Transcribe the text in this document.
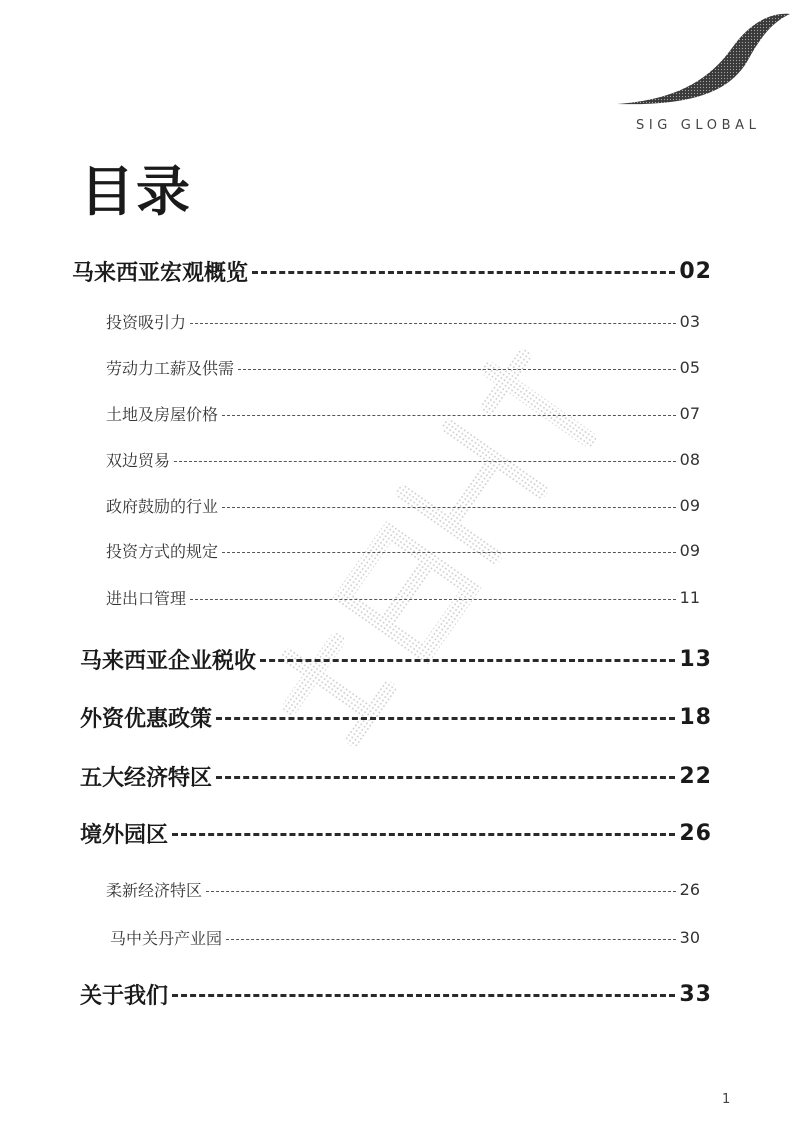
SIG GLOBAL
目录
马来西亚宏观概览	02
投资吸引力	03
劳动力工薪及供需	05
土地及房屋价格	07
双边贸易	08
政府鼓励的行业	09
投资方式的规定	09
进出口管理	11
马来西亚企业税收	13
外资优惠政策	18
五大经济特区	22
境外园区	26
柔新经济特区	26
马中关丹产业园	30
关于我们	33
1
